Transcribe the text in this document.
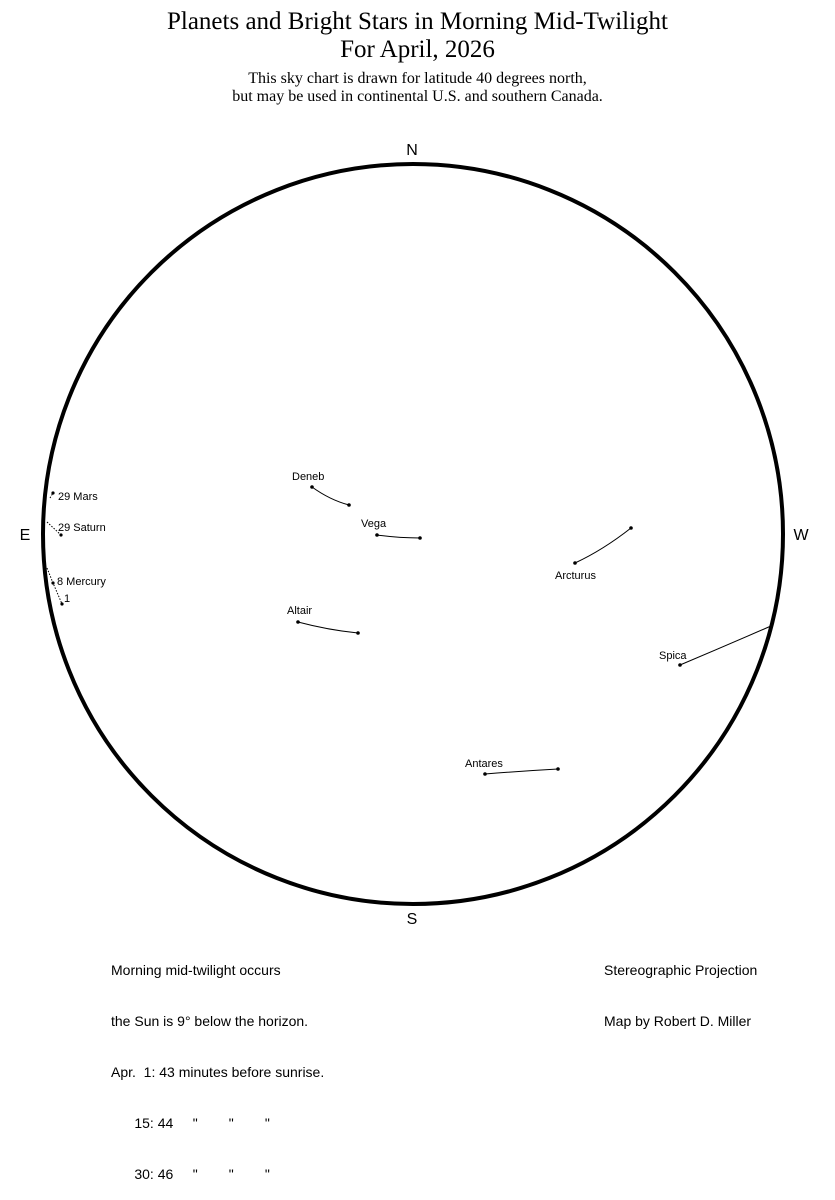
Planets and Bright Stars in Morning Mid-Twilight
For April, 2026
This sky chart is drawn for latitude 40 degrees north,
but may be used in continental U.S. and southern Canada.
N
S
E	W
Deneb
Vega
Arcturus
Altair
Spica
Antares
29 Mars
29 Saturn
8 Mercury
1

Morning mid-twilight occurs

the Sun is 9° below the horizon.

Apr.  1: 43 minutes before sunrise.

15: 44     "        "        "

30: 46     "        "        "

Stereographic Projection

Map by Robert D. Miller
